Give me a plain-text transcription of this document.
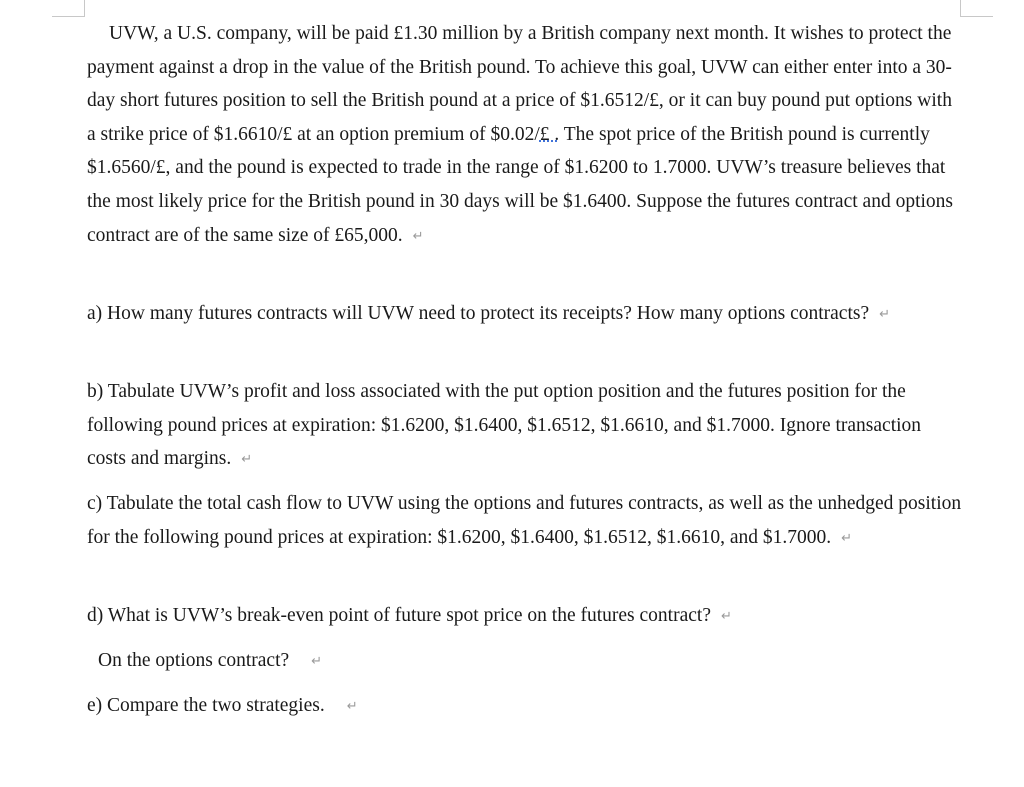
UVW, a U.S. company, will be paid £1.30 million by a British company next month. It wishes to protect the payment against a drop in the value of the British pound. To achieve this goal, UVW can either enter into a 30-day short futures position to sell the British pound at a price of $1.6512/£, or it can buy pound put options with a strike price of $1.6610/£ at an option premium of $0.02/£ . The spot price of the British pound is currently $1.6560/£, and the pound is expected to trade in the range of $1.6200 to 1.7000. UVW’s treasure believes that the most likely price for the British pound in 30 days will be $1.6400. Suppose the futures contract and options contract are of the same size of £65,000. ↵

a) How many futures contracts will UVW need to protect its receipts? How many options contracts? ↵

b) Tabulate UVW’s profit and loss associated with the put option position and the futures position for the following pound prices at expiration: $1.6200, $1.6400, $1.6512, $1.6610, and $1.7000. Ignore transaction costs and margins. ↵

c) Tabulate the total cash flow to UVW using the options and futures contracts, as well as the unhedged position for the following pound prices at expiration: $1.6200, $1.6400, $1.6512, $1.6610, and $1.7000. ↵

d) What is UVW’s break-even point of future spot price on the futures contract? ↵

On the options contract? ↵

e) Compare the two strategies. ↵
